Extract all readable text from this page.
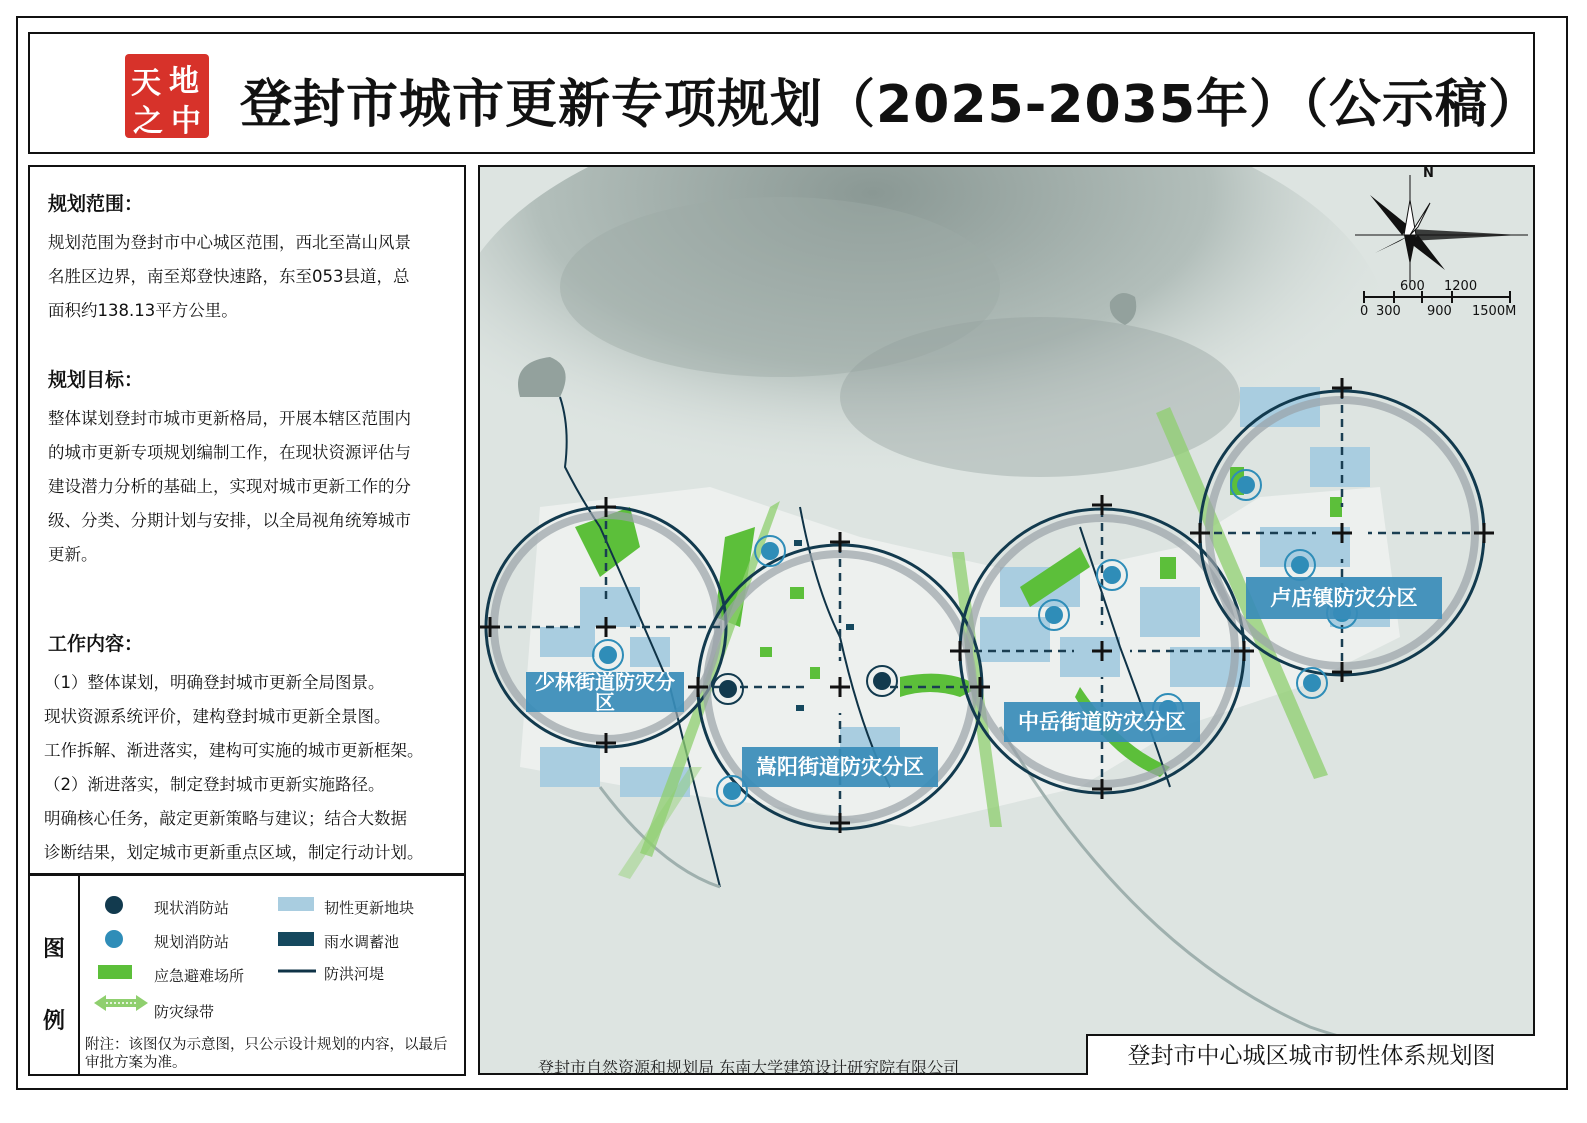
天 地
之 中 登封市城市更新专项规划（2025-2035年）（公示稿）
规划范围：

规划范围为登封市中心城区范围，西北至嵩山风景

名胜区边界，南至郑登快速路，东至053县道，总

面积约138.13平方公里。

规划目标：

整体谋划登封市城市更新格局，开展本辖区范围内

的城市更新专项规划编制工作，在现状资源评估与

建设潜力分析的基础上，实现对城市更新工作的分

级、分类、分期计划与安排，以全局视角统筹城市

更新。

工作内容：

（1）整体谋划，明确登封城市更新全局图景。

现状资源系统评价，建构登封城市更新全景图。

工作拆解、渐进落实，建构可实施的城市更新框架。

（2）渐进落实，制定登封城市更新实施路径。

明确核心任务，敲定更新策略与建议；结合大数据

诊断结果，划定城市更新重点区域，制定行动计划。

图
例
现状消防站
规划消防站
应急避难场所
防灾绿带
韧性更新地块
雨水调蓄池
防洪河堤
附注：该图仅为示意图，只公示设计规划的内容，以最后审批方案为准。
少林街道防灾分区
嵩阳街道防灾分区
中岳街道防灾分区
卢店镇防灾分区
N
600 1200
0 300 900 1500M
登封市自然资源和规划局 东南大学建筑设计研究院有限公司	登封市中心城区城市韧性体系规划图
